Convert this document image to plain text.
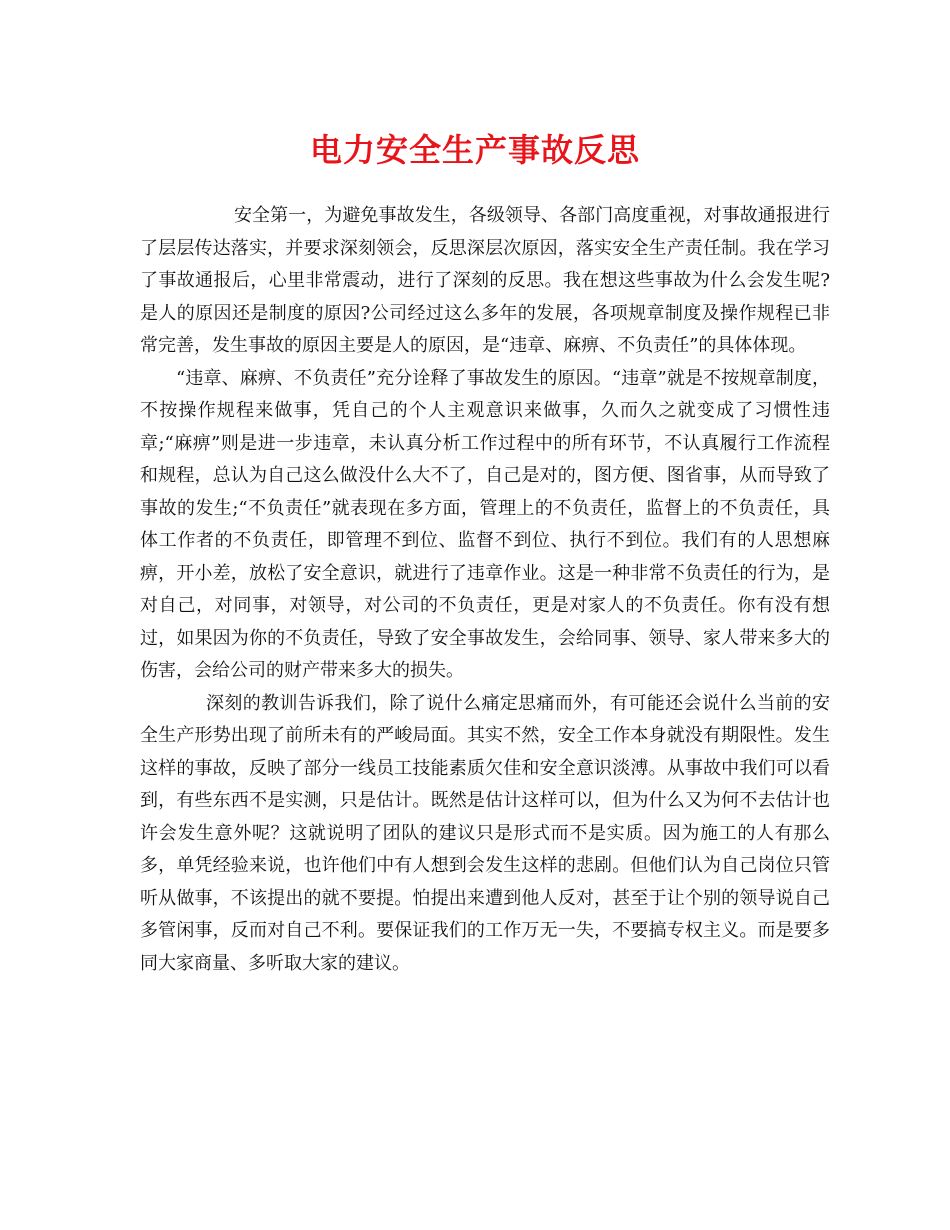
电力安全生产事故反思

安全第一，为避免事故发生，各级领导、各部门高度重视，对事故通报进行了层层传达落实，并要求深刻领会，反思深层次原因，落实安全生产责任制。我在学习了事故通报后，心里非常震动，进行了深刻的反思。我在想这些事故为什么会发生呢?是人的原因还是制度的原因?公司经过这么多年的发展，各项规章制度及操作规程已非常完善，发生事故的原因主要是人的原因，是“违章、麻痹、不负责任”的具体体现。

“违章、麻痹、不负责任”充分诠释了事故发生的原因。“违章”就是不按规章制度，不按操作规程来做事，凭自己的个人主观意识来做事，久而久之就变成了习惯性违章;“麻痹”则是进一步违章，未认真分析工作过程中的所有环节，不认真履行工作流程和规程，总认为自己这么做没什么大不了，自己是对的，图方便、图省事，从而导致了事故的发生;“不负责任”就表现在多方面，管理上的不负责任，监督上的不负责任，具体工作者的不负责任，即管理不到位、监督不到位、执行不到位。我们有的人思想麻痹，开小差，放松了安全意识，就进行了违章作业。这是一种非常不负责任的行为，是对自己，对同事，对领导，对公司的不负责任，更是对家人的不负责任。你有没有想过，如果因为你的不负责任，导致了安全事故发生，会给同事、领导、家人带来多大的伤害，会给公司的财产带来多大的损失。

深刻的教训告诉我们，除了说什么痛定思痛而外，有可能还会说什么当前的安全生产形势出现了前所未有的严峻局面。其实不然，安全工作本身就没有期限性。发生这样的事故，反映了部分一线员工技能素质欠佳和安全意识淡溥。从事故中我们可以看到，有些东西不是实测，只是估计。既然是估计这样可以，但为什么又为何不去估计也许会发生意外呢？这就说明了团队的建议只是形式而不是实质。因为施工的人有那么多，单凭经验来说，也许他们中有人想到会发生这样的悲剧。但他们认为自己岗位只管听从做事，不该提出的就不要提。怕提出来遭到他人反对，甚至于让个别的领导说自己多管闲事，反而对自己不利。要保证我们的工作万无一失，不要搞专权主义。而是要多同大家商量、多听取大家的建议。
